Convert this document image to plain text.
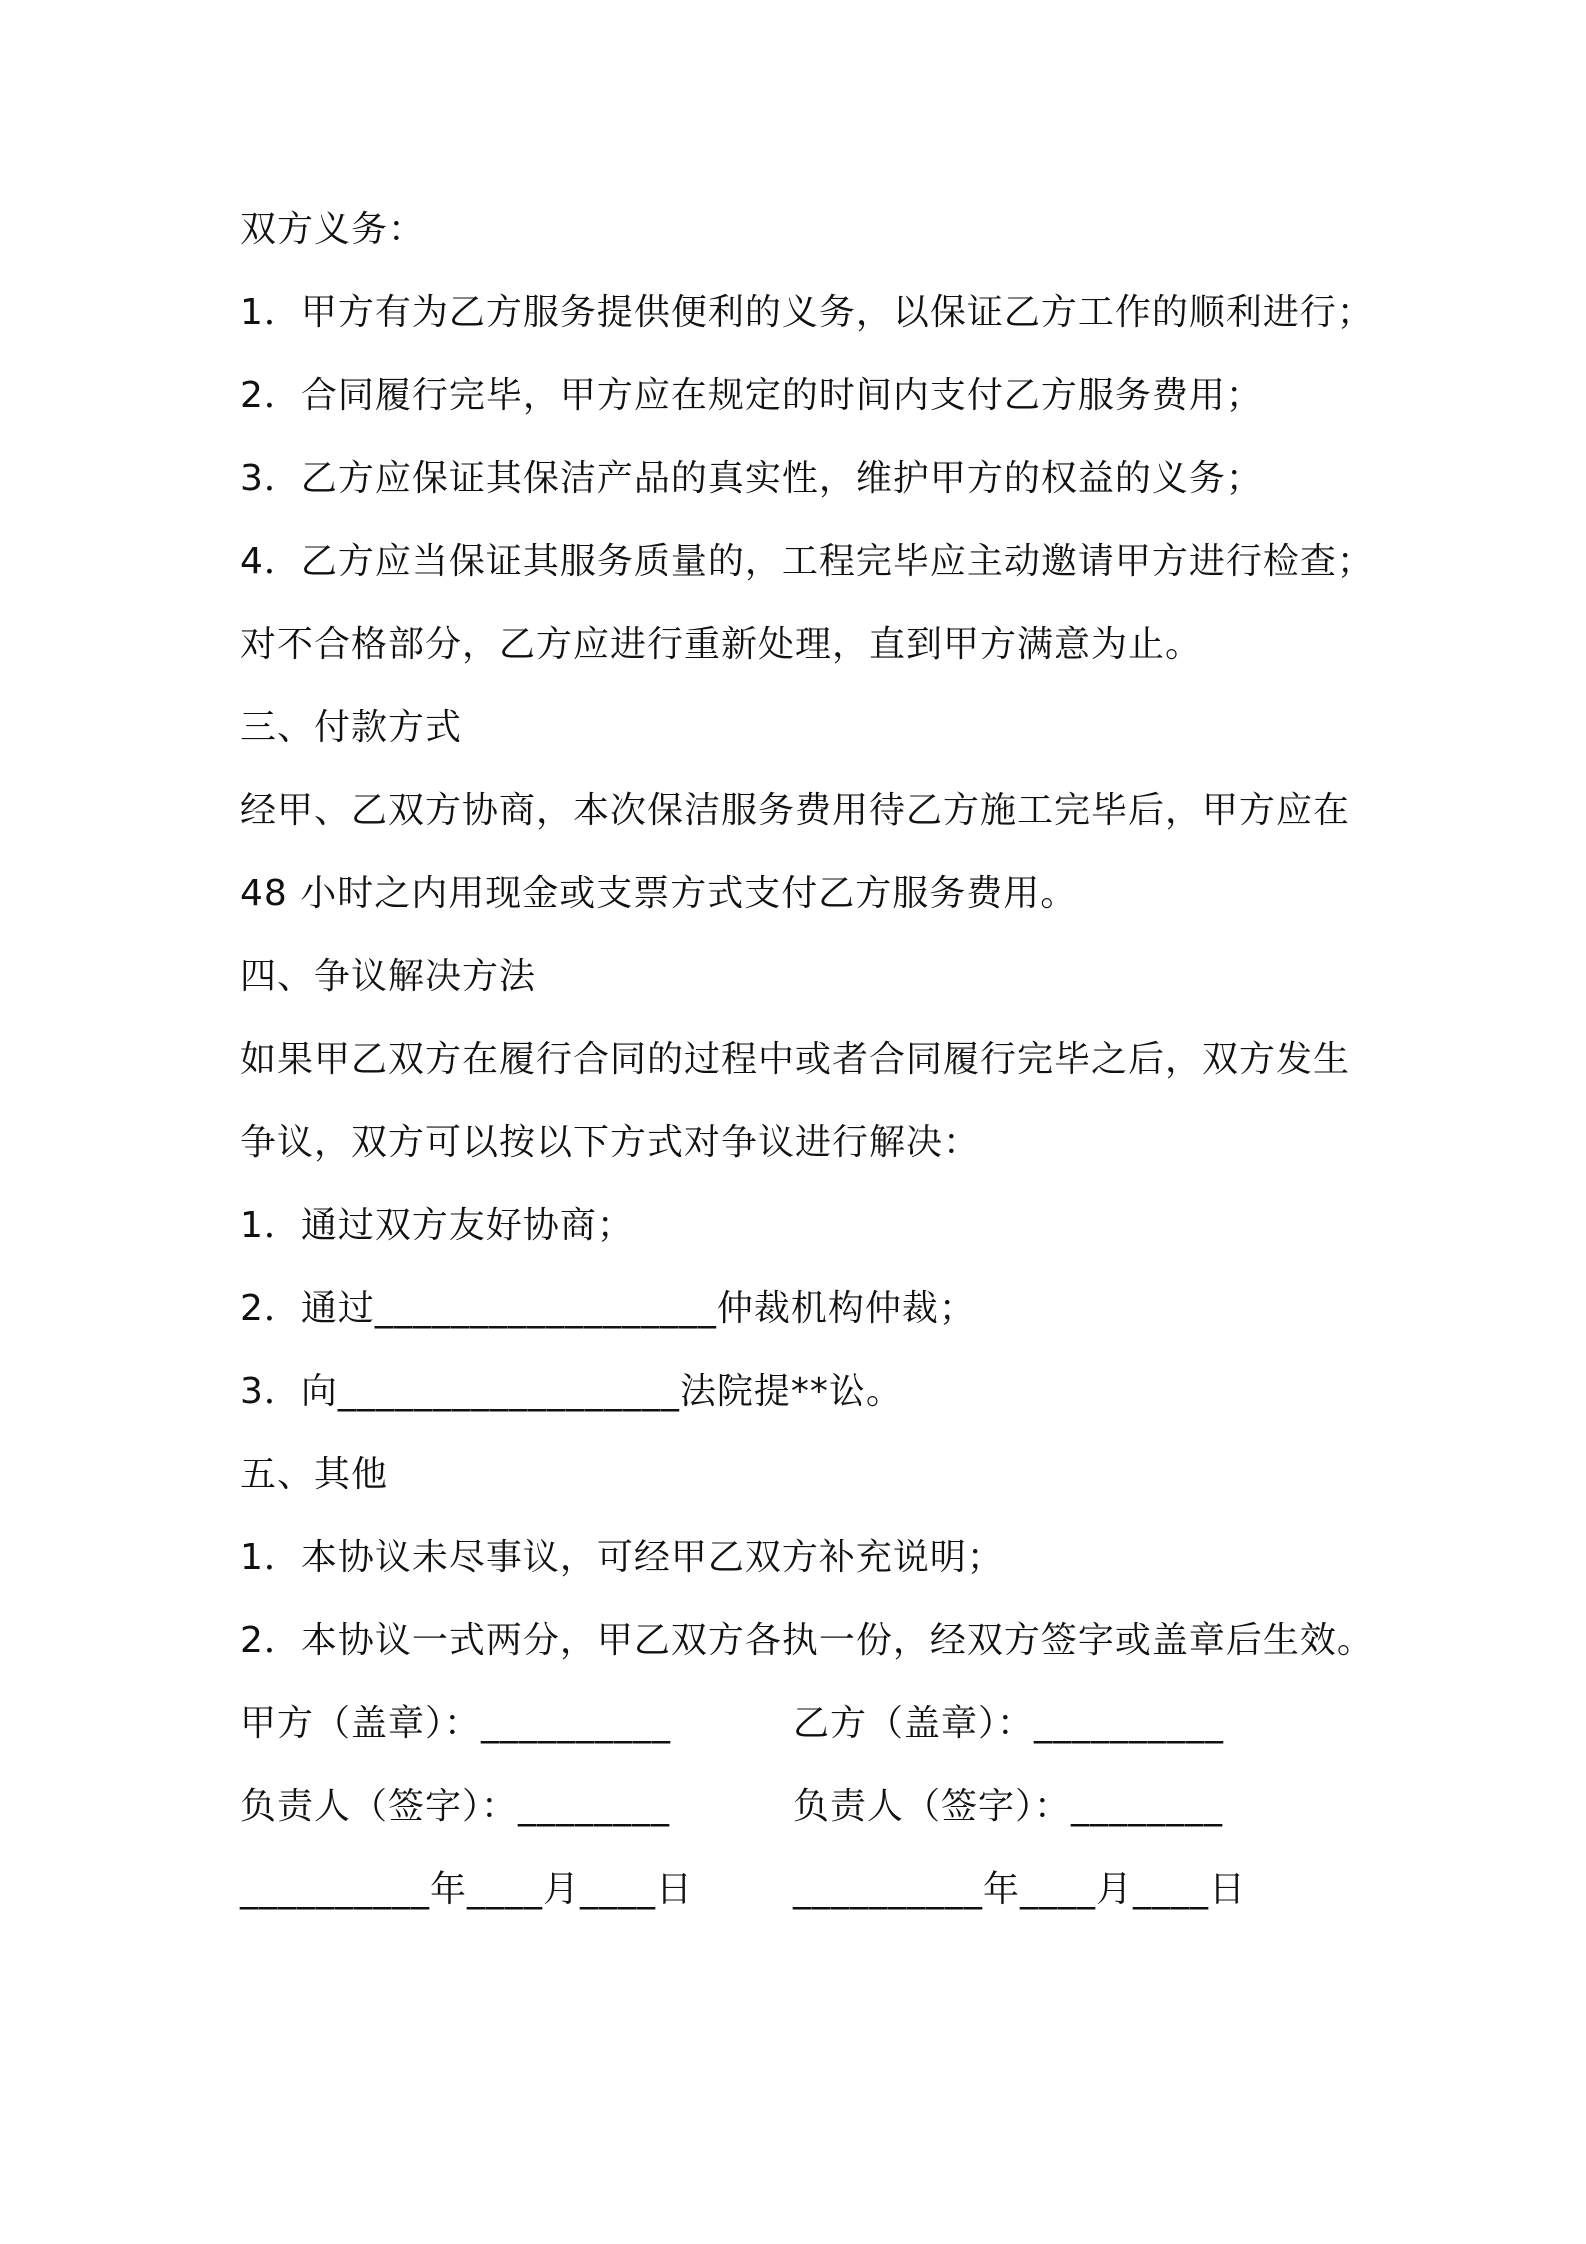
双方义务：
1．甲方有为乙方服务提供便利的义务，以保证乙方工作的顺利进行；
2．合同履行完毕，甲方应在规定的时间内支付乙方服务费用；
3．乙方应保证其保洁产品的真实性，维护甲方的权益的义务；
4．乙方应当保证其服务质量的，工程完毕应主动邀请甲方进行检查；
对不合格部分，乙方应进行重新处理，直到甲方满意为止。
三、付款方式
经甲、乙双方协商，本次保洁服务费用待乙方施工完毕后，甲方应在
48 小时之内用现金或支票方式支付乙方服务费用。
四、争议解决方法
如果甲乙双方在履行合同的过程中或者合同履行完毕之后，双方发生
争议，双方可以按以下方式对争议进行解决：
1．通过双方友好协商；
2．通过__________________仲裁机构仲裁；
3．向__________________法院提**讼。
五、其他
1．本协议未尽事议，可经甲乙双方补充说明；
2．本协议一式两分，甲乙双方各执一份，经双方签字或盖章后生效。
甲方（盖章）：__________	乙方（盖章）：__________
负责人（签字）：________	负责人（签字）：________
__________年____月____日	__________年____月____日
